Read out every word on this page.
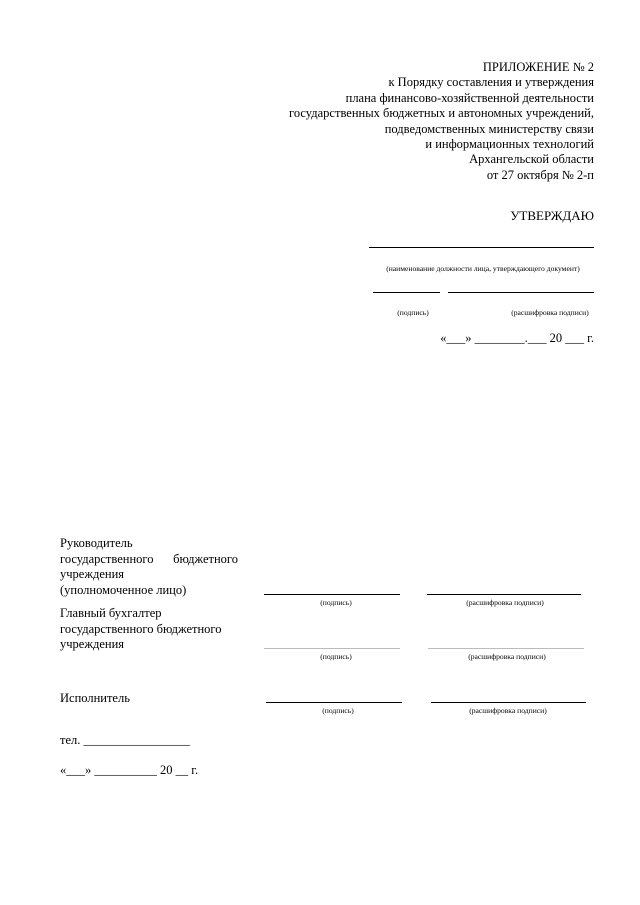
ПРИЛОЖЕНИЕ № 2
к Порядку составления и утверждения
плана финансово-хозяйственной деятельности
государственных бюджетных и автономных учреждений,
подведомственных министерству связи
и информационных технологий
Архангельской области
от 27 октября № 2-п
УТВЕРЖДАЮ
(наименование должности лица, утверждающего документ)
(подпись)	(расшифровка подписи)
«___» ________.___ 20 ___ г.
Руководитель
государственного бюджетного
учреждения
(уполномоченное лицо)
(подпись)	(расшифровка подписи)
Главный бухгалтер
государственного бюджетного
учреждения
(подпись)	(расшифровка подписи)
Исполнитель
(подпись)	(расшифровка подписи)
тел. _________________
«___» __________ 20 __ г.
